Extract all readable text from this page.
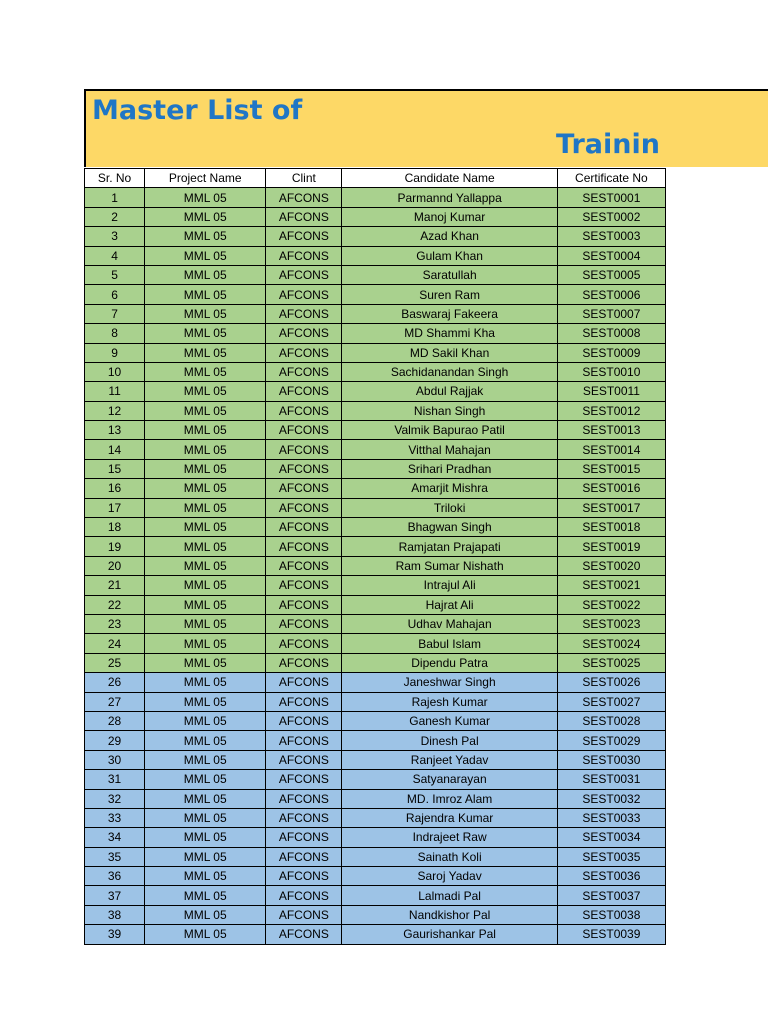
Master List of
Trainin
Sr. No	Project Name	Clint	Candidate Name	Certificate No
1	MML 05	AFCONS	Parmannd Yallappa	SEST0001
2	MML 05	AFCONS	Manoj Kumar	SEST0002
3	MML 05	AFCONS	Azad Khan	SEST0003
4	MML 05	AFCONS	Gulam Khan	SEST0004
5	MML 05	AFCONS	Saratullah	SEST0005
6	MML 05	AFCONS	Suren Ram	SEST0006
7	MML 05	AFCONS	Baswaraj Fakeera	SEST0007
8	MML 05	AFCONS	MD Shammi Kha	SEST0008
9	MML 05	AFCONS	MD Sakil Khan	SEST0009
10	MML 05	AFCONS	Sachidanandan Singh	SEST0010
11	MML 05	AFCONS	Abdul Rajjak	SEST0011
12	MML 05	AFCONS	Nishan Singh	SEST0012
13	MML 05	AFCONS	Valmik Bapurao Patil	SEST0013
14	MML 05	AFCONS	Vitthal Mahajan	SEST0014
15	MML 05	AFCONS	Srihari Pradhan	SEST0015
16	MML 05	AFCONS	Amarjit Mishra	SEST0016
17	MML 05	AFCONS	Triloki	SEST0017
18	MML 05	AFCONS	Bhagwan Singh	SEST0018
19	MML 05	AFCONS	Ramjatan Prajapati	SEST0019
20	MML 05	AFCONS	Ram Sumar Nishath	SEST0020
21	MML 05	AFCONS	Intrajul Ali	SEST0021
22	MML 05	AFCONS	Hajrat Ali	SEST0022
23	MML 05	AFCONS	Udhav Mahajan	SEST0023
24	MML 05	AFCONS	Babul Islam	SEST0024
25	MML 05	AFCONS	Dipendu Patra	SEST0025
26	MML 05	AFCONS	Janeshwar Singh	SEST0026
27	MML 05	AFCONS	Rajesh Kumar	SEST0027
28	MML 05	AFCONS	Ganesh Kumar	SEST0028
29	MML 05	AFCONS	Dinesh Pal	SEST0029
30	MML 05	AFCONS	Ranjeet Yadav	SEST0030
31	MML 05	AFCONS	Satyanarayan	SEST0031
32	MML 05	AFCONS	MD. Imroz Alam	SEST0032
33	MML 05	AFCONS	Rajendra Kumar	SEST0033
34	MML 05	AFCONS	Indrajeet Raw	SEST0034
35	MML 05	AFCONS	Sainath Koli	SEST0035
36	MML 05	AFCONS	Saroj Yadav	SEST0036
37	MML 05	AFCONS	Lalmadi Pal	SEST0037
38	MML 05	AFCONS	Nandkishor Pal	SEST0038
39	MML 05	AFCONS	Gaurishankar Pal	SEST0039
